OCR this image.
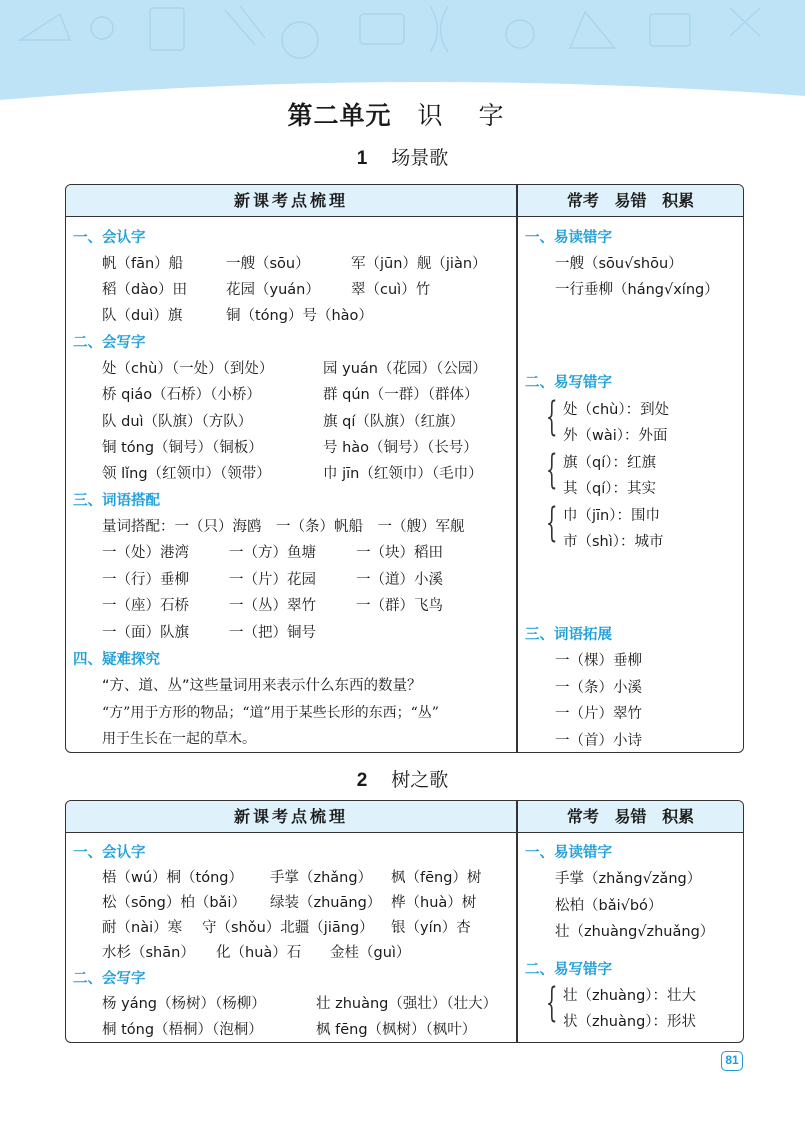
第二单元 识 字
1 场景歌
新课考点梳理	常考 易错 积累
一、会认字
帆（fān）船	一艘（sōu）	军（jūn）舰（jiàn）
稻（dào）田	花园（yuán） 翠（cuì）竹
队（duì）旗	铜（tóng）号（hào）
二、会写字
处（chù）（一处）（到处）	园 yuán（花园）（公园）
桥 qiáo（石桥）（小桥）	群 qún（一群）（群体）
队 duì（队旗）（方队）	旗 qí（队旗）（红旗）
铜 tóng（铜号）（铜板）	号 hào（铜号）（长号）
领 lǐng（红领巾）（领带）	巾 jīn（红领巾）（毛巾）
三、词语搭配
量词搭配：一（只）海鸥　一（条）帆船　一（艘）军舰
一（处）港湾	一（方）鱼塘	一（块）稻田
一（行）垂柳	一（片）花园	一（道）小溪
一（座）石桥	一（丛）翠竹	一（群）飞鸟
一（面）队旗	一（把）铜号
四、疑难探究
“方、道、丛”这些量词用来表示什么东西的数量？
“方”用于方形的物品；“道”用于某些长形的东西；“丛”
用于生长在一起的草木。
一、易读错字
一艘（sōu√shōu）
一行垂柳（háng√xíng）
二、易写错字
{ 处（chù）：到处
外（wài）：外面
{ 旗（qí）：红旗
其（qí）：其实
{ 巾（jīn）：围巾
市（shì）：城市
三、词语拓展
一（棵）垂柳
一（条）小溪
一（片）翠竹
一（首）小诗
2 树之歌
新课考点梳理	常考 易错 积累
一、会认字
梧（wú）桐（tóng） 手掌（zhǎng） 枫（fēng）树
松（sōng）柏（bǎi） 绿装（zhuāng） 桦（huà）树
耐（nài）寒 守（shǒu）北疆（jiāng） 银（yín）杏
水杉（shān） 化（huà）石 金桂（guì）
二、会写字
杨 yáng（杨树）（杨柳）	壮 zhuàng（强壮）（壮大）
桐 tóng（梧桐）（泡桐）	枫 fēng（枫树）（枫叶）
一、易读错字
手掌（zhǎng√zǎng）
松柏（bǎi√bó）
壮（zhuàng√zhuǎng）
二、易写错字
{ 壮（zhuàng）：壮大
状（zhuàng）：形状
81
